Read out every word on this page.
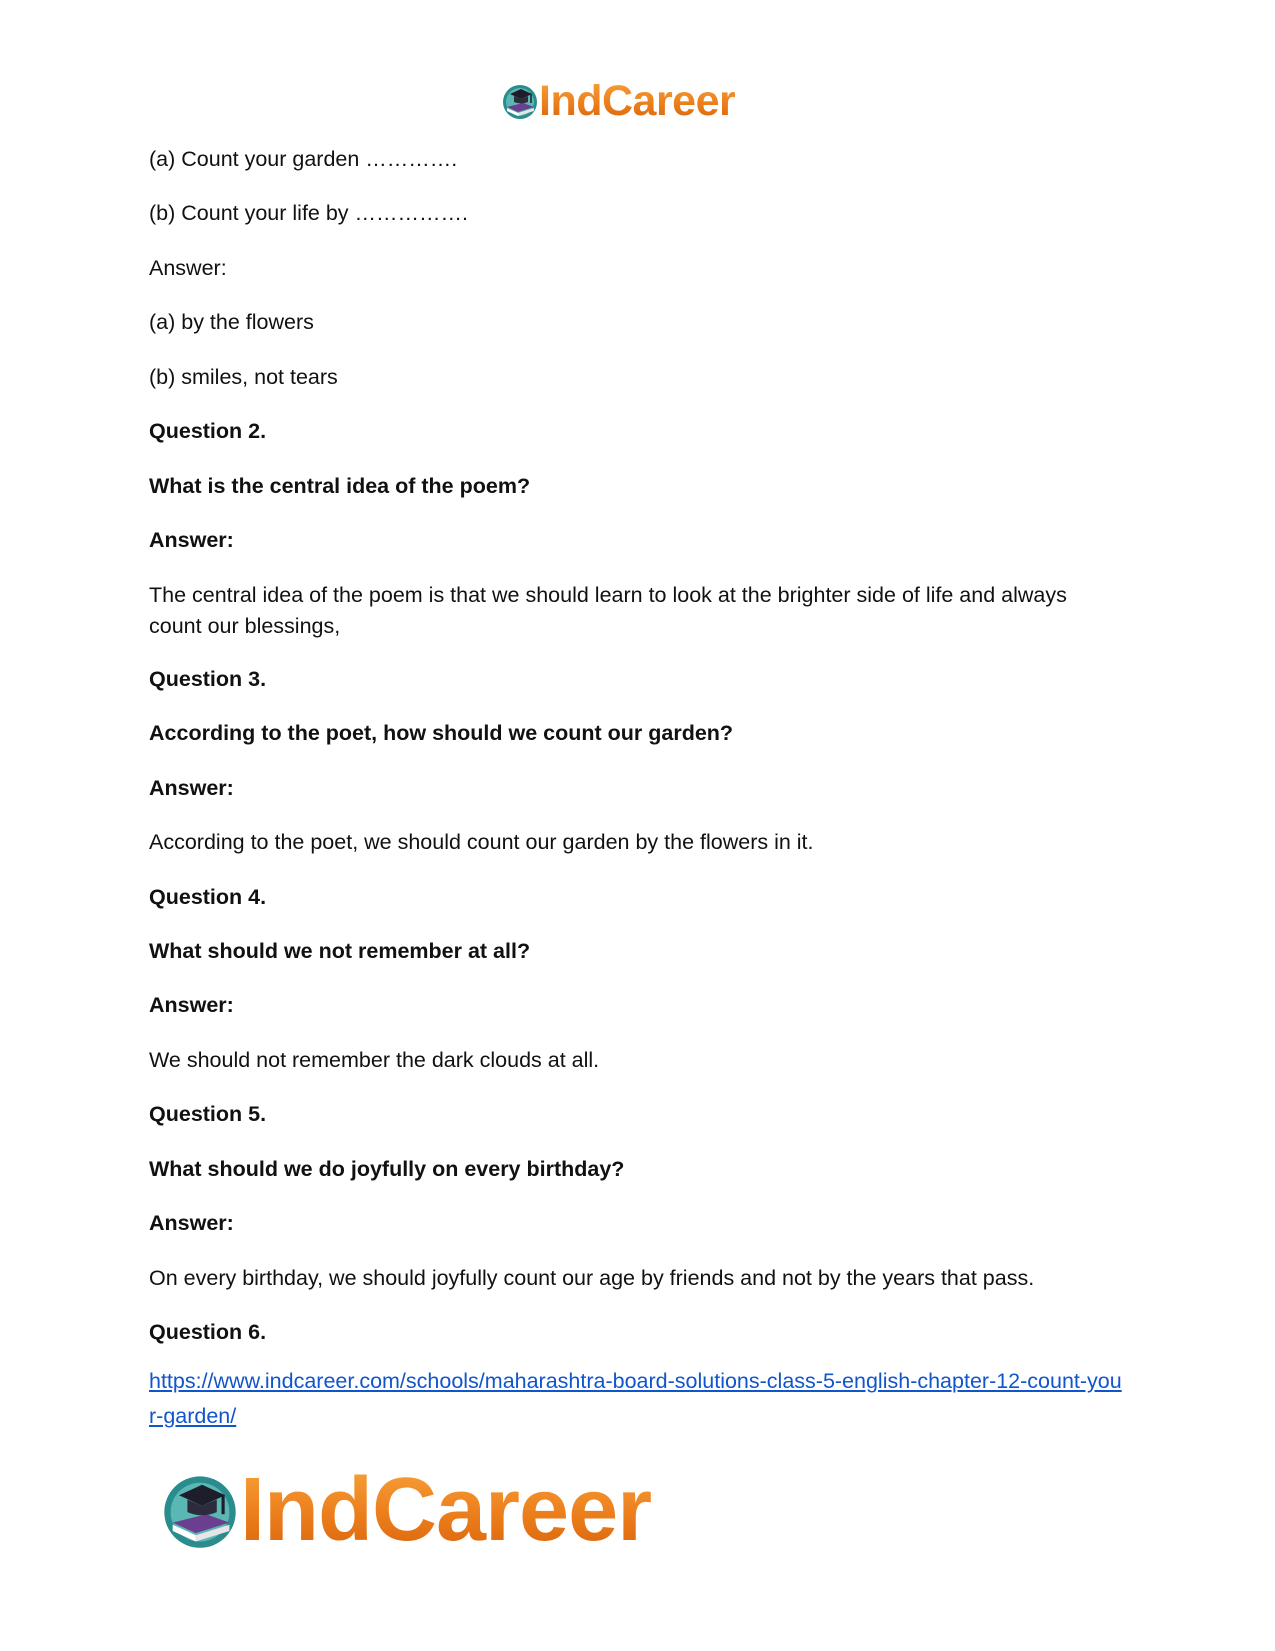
IndCareer

(a) Count your garden ………….

(b) Count your life by …………….

Answer:

(a) by the flowers

(b) smiles, not tears

Question 2.

What is the central idea of the poem?

Answer:

The central idea of the poem is that we should learn to look at the brighter side of life and always count our blessings,

Question 3.

According to the poet, how should we count our garden?

Answer:

According to the poet, we should count our garden by the flowers in it.

Question 4.

What should we not remember at all?

Answer:

We should not remember the dark clouds at all.

Question 5.

What should we do joyfully on every birthday?

Answer:

On every birthday, we should joyfully count our age by friends and not by the years that pass.

Question 6.

https://www.indcareer.com/schools/maharashtra-board-solutions-class-5-english-chapter-12-count-your-garden/
IndCareer
